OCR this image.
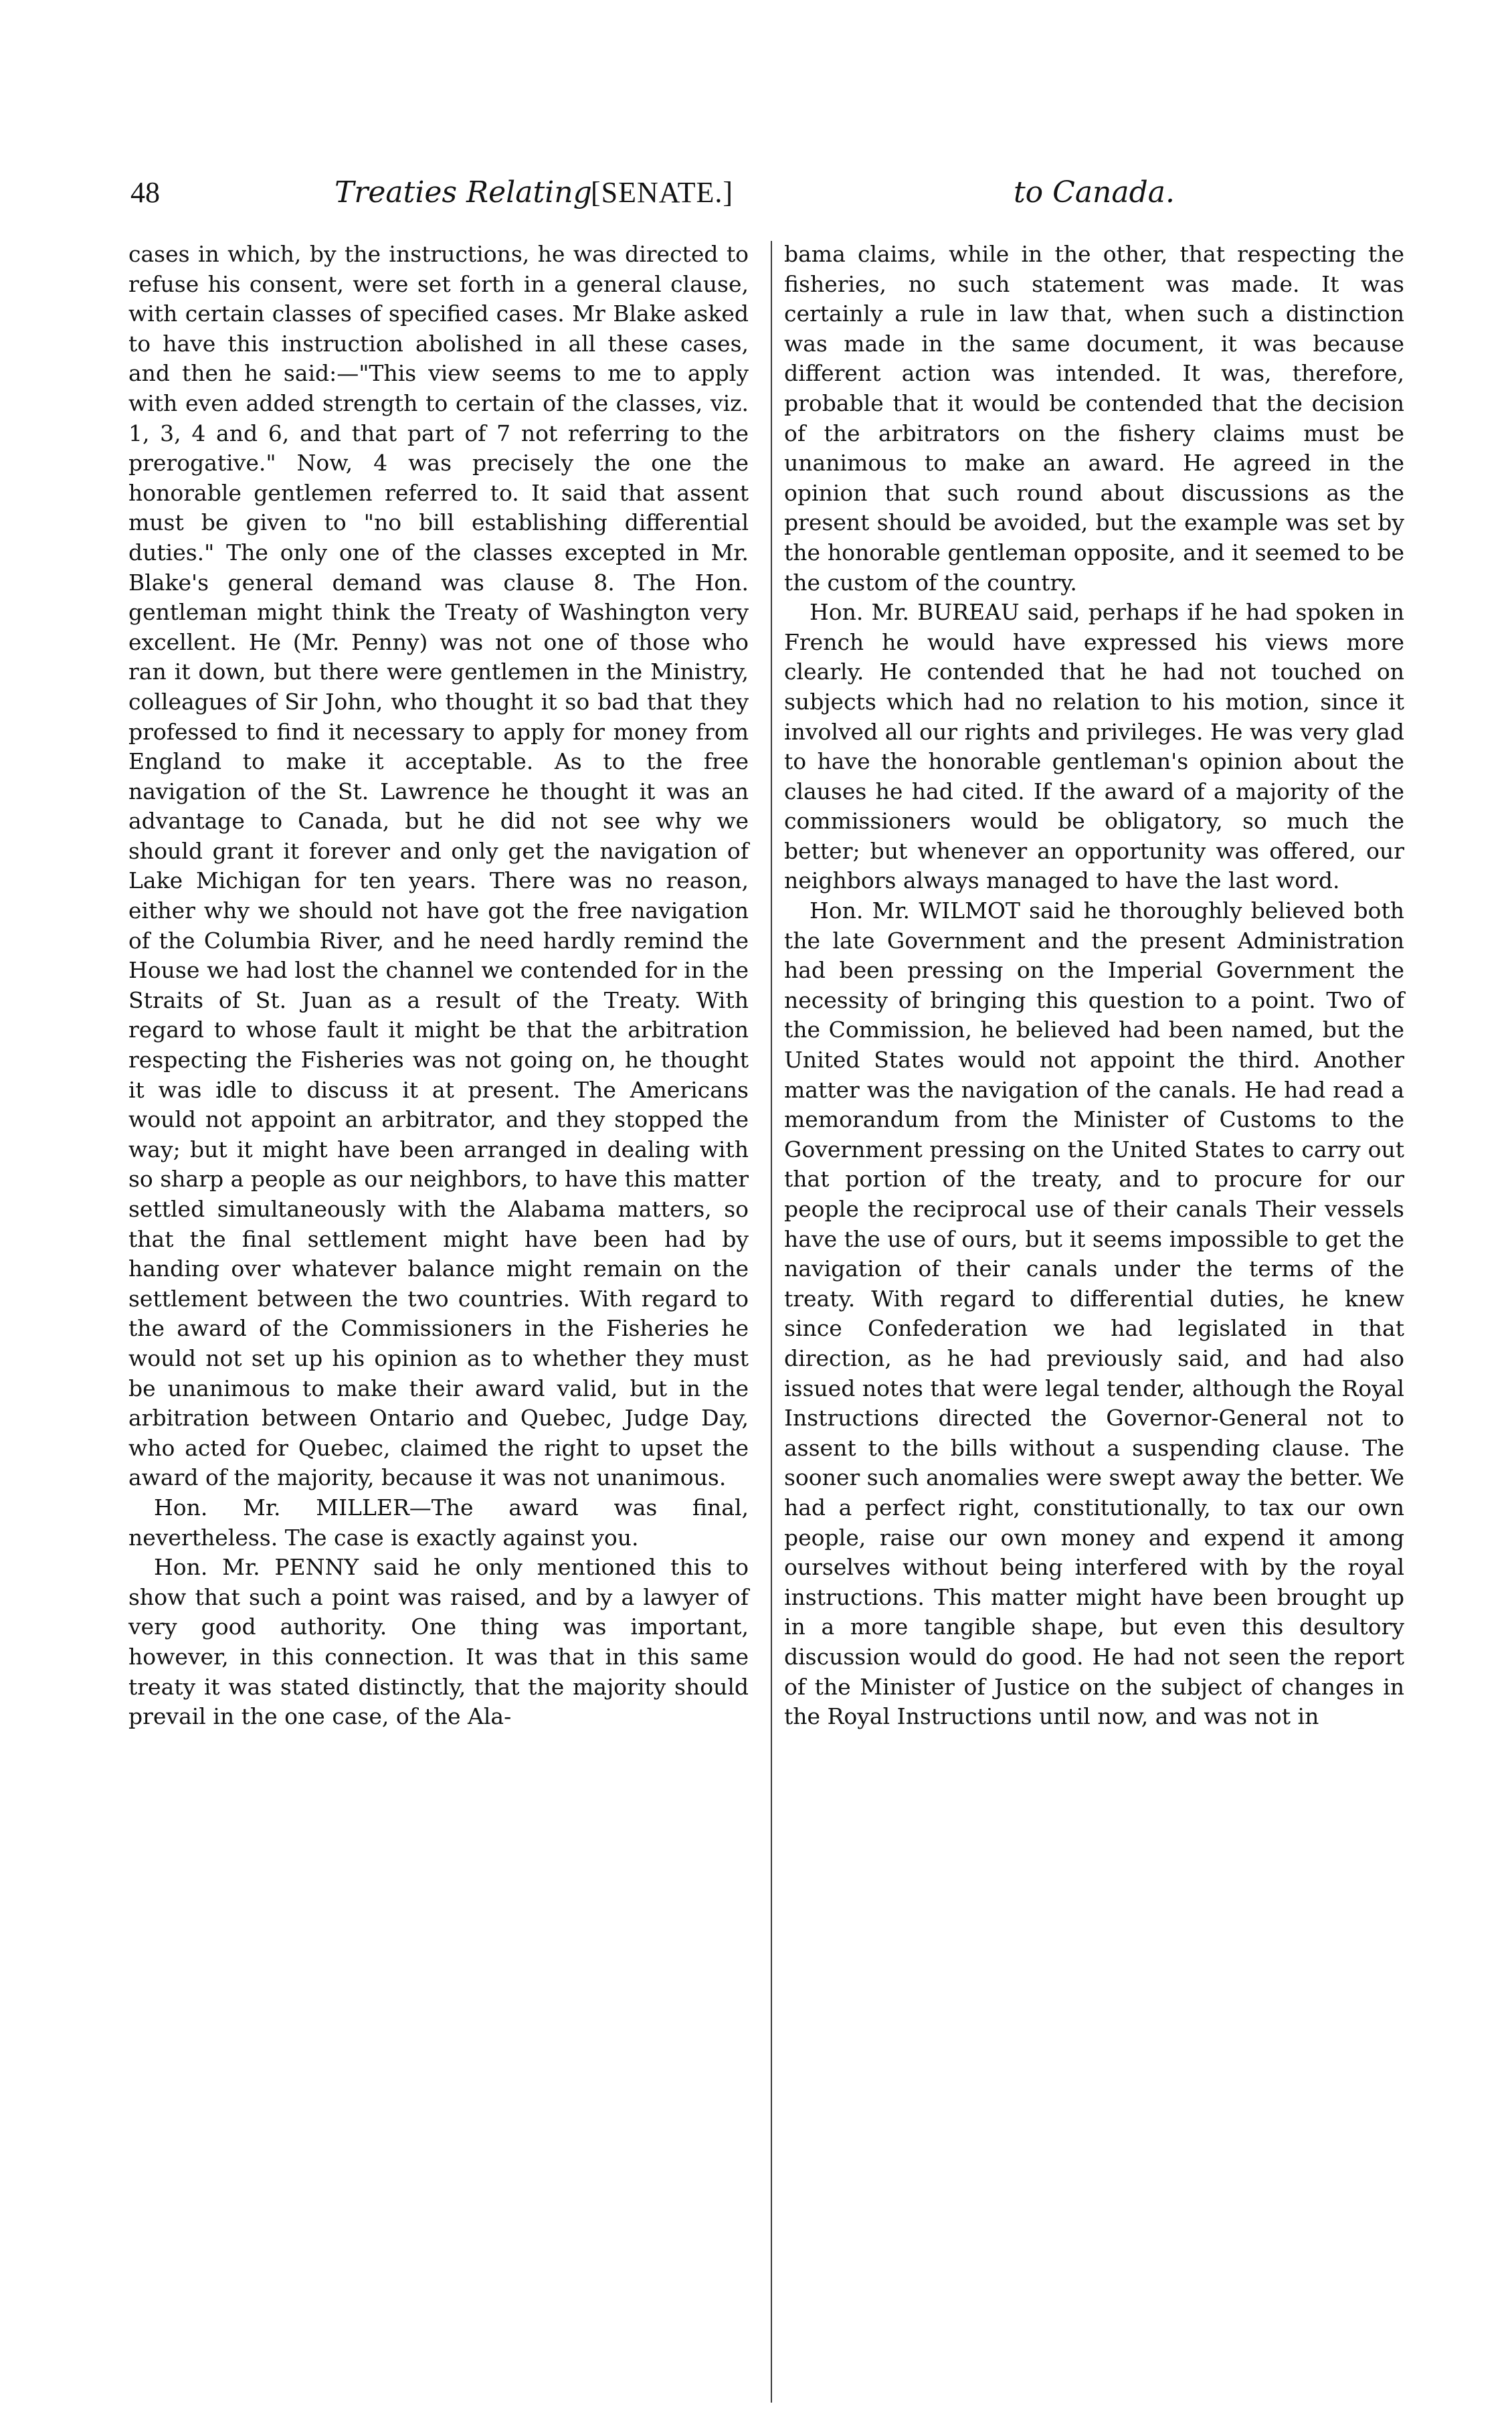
48	Treaties Relating
[SENATE.]	to Canada.

cases in which, by the instructions, he was directed to refuse his consent, were set forth in a general clause, with certain classes of specified cases. Mr Blake asked to have this instruction abolished in all these cases, and then he said:—"This view seems to me to apply with even added strength to certain of the classes, viz. 1, 3, 4 and 6, and that part of 7 not referring to the prerogative." Now, 4 was precisely the one the honorable gentlemen referred to. It said that assent must be given to "no bill establishing differential duties." The only one of the classes excepted in Mr. Blake's general demand was clause 8. The Hon. gentleman might think the Treaty of Washington very excellent. He (Mr. Penny) was not one of those who ran it down, but there were gentlemen in the Ministry, colleagues of Sir John, who thought it so bad that they professed to find it necessary to apply for money from England to make it acceptable. As to the free navigation of the St. Lawrence he thought it was an advantage to Canada, but he did not see why we should grant it forever and only get the navigation of Lake Michigan for ten years. There was no reason, either why we should not have got the free navigation of the Columbia River, and he need hardly remind the House we had lost the channel we contended for in the Straits of St. Juan as a result of the Treaty. With regard to whose fault it might be that the arbitration respecting the Fisheries was not going on, he thought it was idle to discuss it at present. The Americans would not appoint an arbitrator, and they stopped the way; but it might have been arranged in dealing with so sharp a people as our neighbors, to have this matter settled simultaneously with the Alabama matters, so that the final settlement might have been had by handing over whatever balance might remain on the settlement between the two countries. With regard to the award of the Commissioners in the Fisheries he would not set up his opinion as to whether they must be unanimous to make their award valid, but in the arbitration between Ontario and Quebec, Judge Day, who acted for Quebec, claimed the right to upset the award of the majority, because it was not unanimous.

Hon. Mr. MILLER—The award was final, nevertheless. The case is exactly against you.

Hon. Mr. PENNY said he only mentioned this to show that such a point was raised, and by a lawyer of very good authority. One thing was important, however, in this connection. It was that in this same treaty it was stated distinctly, that the majority should prevail in the one case, of the Ala-

bama claims, while in the other, that respecting the fisheries, no such statement was made. It was certainly a rule in law that, when such a distinction was made in the same document, it was because different action was intended. It was, therefore, probable that it would be contended that the decision of the arbitrators on the fishery claims must be unanimous to make an award. He agreed in the opinion that such round about discussions as the present should be avoided, but the example was set by the honorable gentleman opposite, and it seemed to be the custom of the country.

Hon. Mr. BUREAU said, perhaps if he had spoken in French he would have expressed his views more clearly. He contended that he had not touched on subjects which had no relation to his motion, since it involved all our rights and privileges. He was very glad to have the honorable gentleman's opinion about the clauses he had cited. If the award of a majority of the commissioners would be obligatory, so much the better; but whenever an opportunity was offered, our neighbors always managed to have the last word.

Hon. Mr. WILMOT said he thoroughly believed both the late Government and the present Administration had been pressing on the Imperial Government the necessity of bringing this question to a point. Two of the Commission, he believed had been named, but the United States would not appoint the third. Another matter was the navigation of the canals. He had read a memorandum from the Minister of Customs to the Government pressing on the United States to carry out that portion of the treaty, and to procure for our people the reciprocal use of their canals Their vessels have the use of ours, but it seems impossible to get the navigation of their canals under the terms of the treaty. With regard to differential duties, he knew since Confederation we had legislated in that direction, as he had previously said, and had also issued notes that were legal tender, although the Royal Instructions directed the Governor-General not to assent to the bills without a suspending clause. The sooner such anomalies were swept away the better. We had a perfect right, constitutionally, to tax our own people, raise our own money and expend it among ourselves without being interfered with by the royal instructions. This matter might have been brought up in a more tangible shape, but even this desultory discussion would do good. He had not seen the report of the Minister of Justice on the subject of changes in the Royal Instructions until now, and was not in
